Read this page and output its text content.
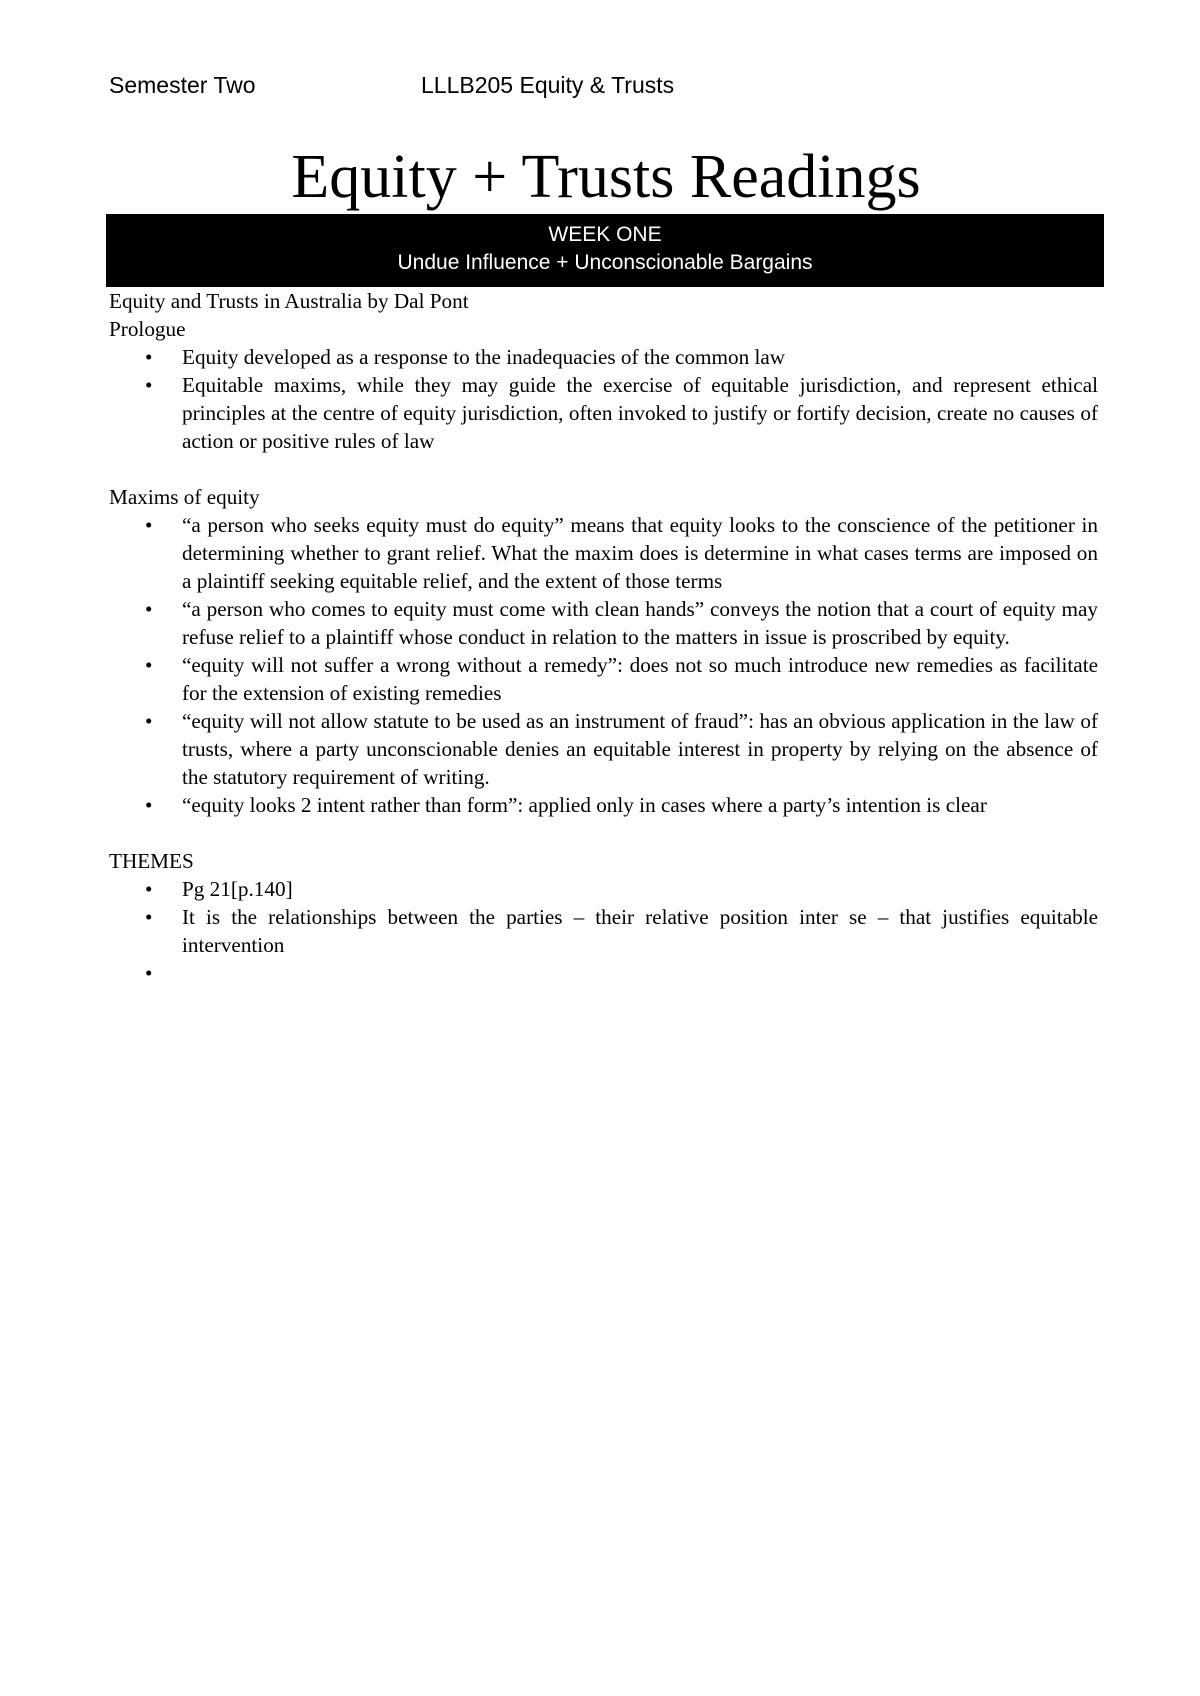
Semester Two	LLLB205 Equity & Trusts
Equity + Trusts Readings
WEEK ONE
Undue Influence + Unconscionable Bargains

Equity and Trusts in Australia by Dal Pont

Prologue

• Equity developed as a response to the inadequacies of the common law
• Equitable maxims, while they may guide the exercise of equitable jurisdiction, and represent ethical principles at the centre of equity jurisdiction, often invoked to justify or fortify decision, create no causes of action or positive rules of law

Maxims of equity

• “a person who seeks equity must do equity” means that equity looks to the conscience of the petitioner in determining whether to grant relief. What the maxim does is determine in what cases terms are imposed on a plaintiff seeking equitable relief, and the extent of those terms
• “a person who comes to equity must come with clean hands” conveys the notion that a court of equity may refuse relief to a plaintiff whose conduct in relation to the matters in issue is proscribed by equity.
• “equity will not suffer a wrong without a remedy”: does not so much introduce new remedies as facilitate for the extension of existing remedies
• “equity will not allow statute to be used as an instrument of fraud”: has an obvious application in the law of trusts, where a party unconscionable denies an equitable interest in property by relying on the absence of the statutory requirement of writing.
• “equity looks 2 intent rather than form”: applied only in cases where a party’s intention is clear

THEMES

• Pg 21[p.140]
• It is the relationships between the parties – their relative position inter se – that justifies equitable intervention
•
